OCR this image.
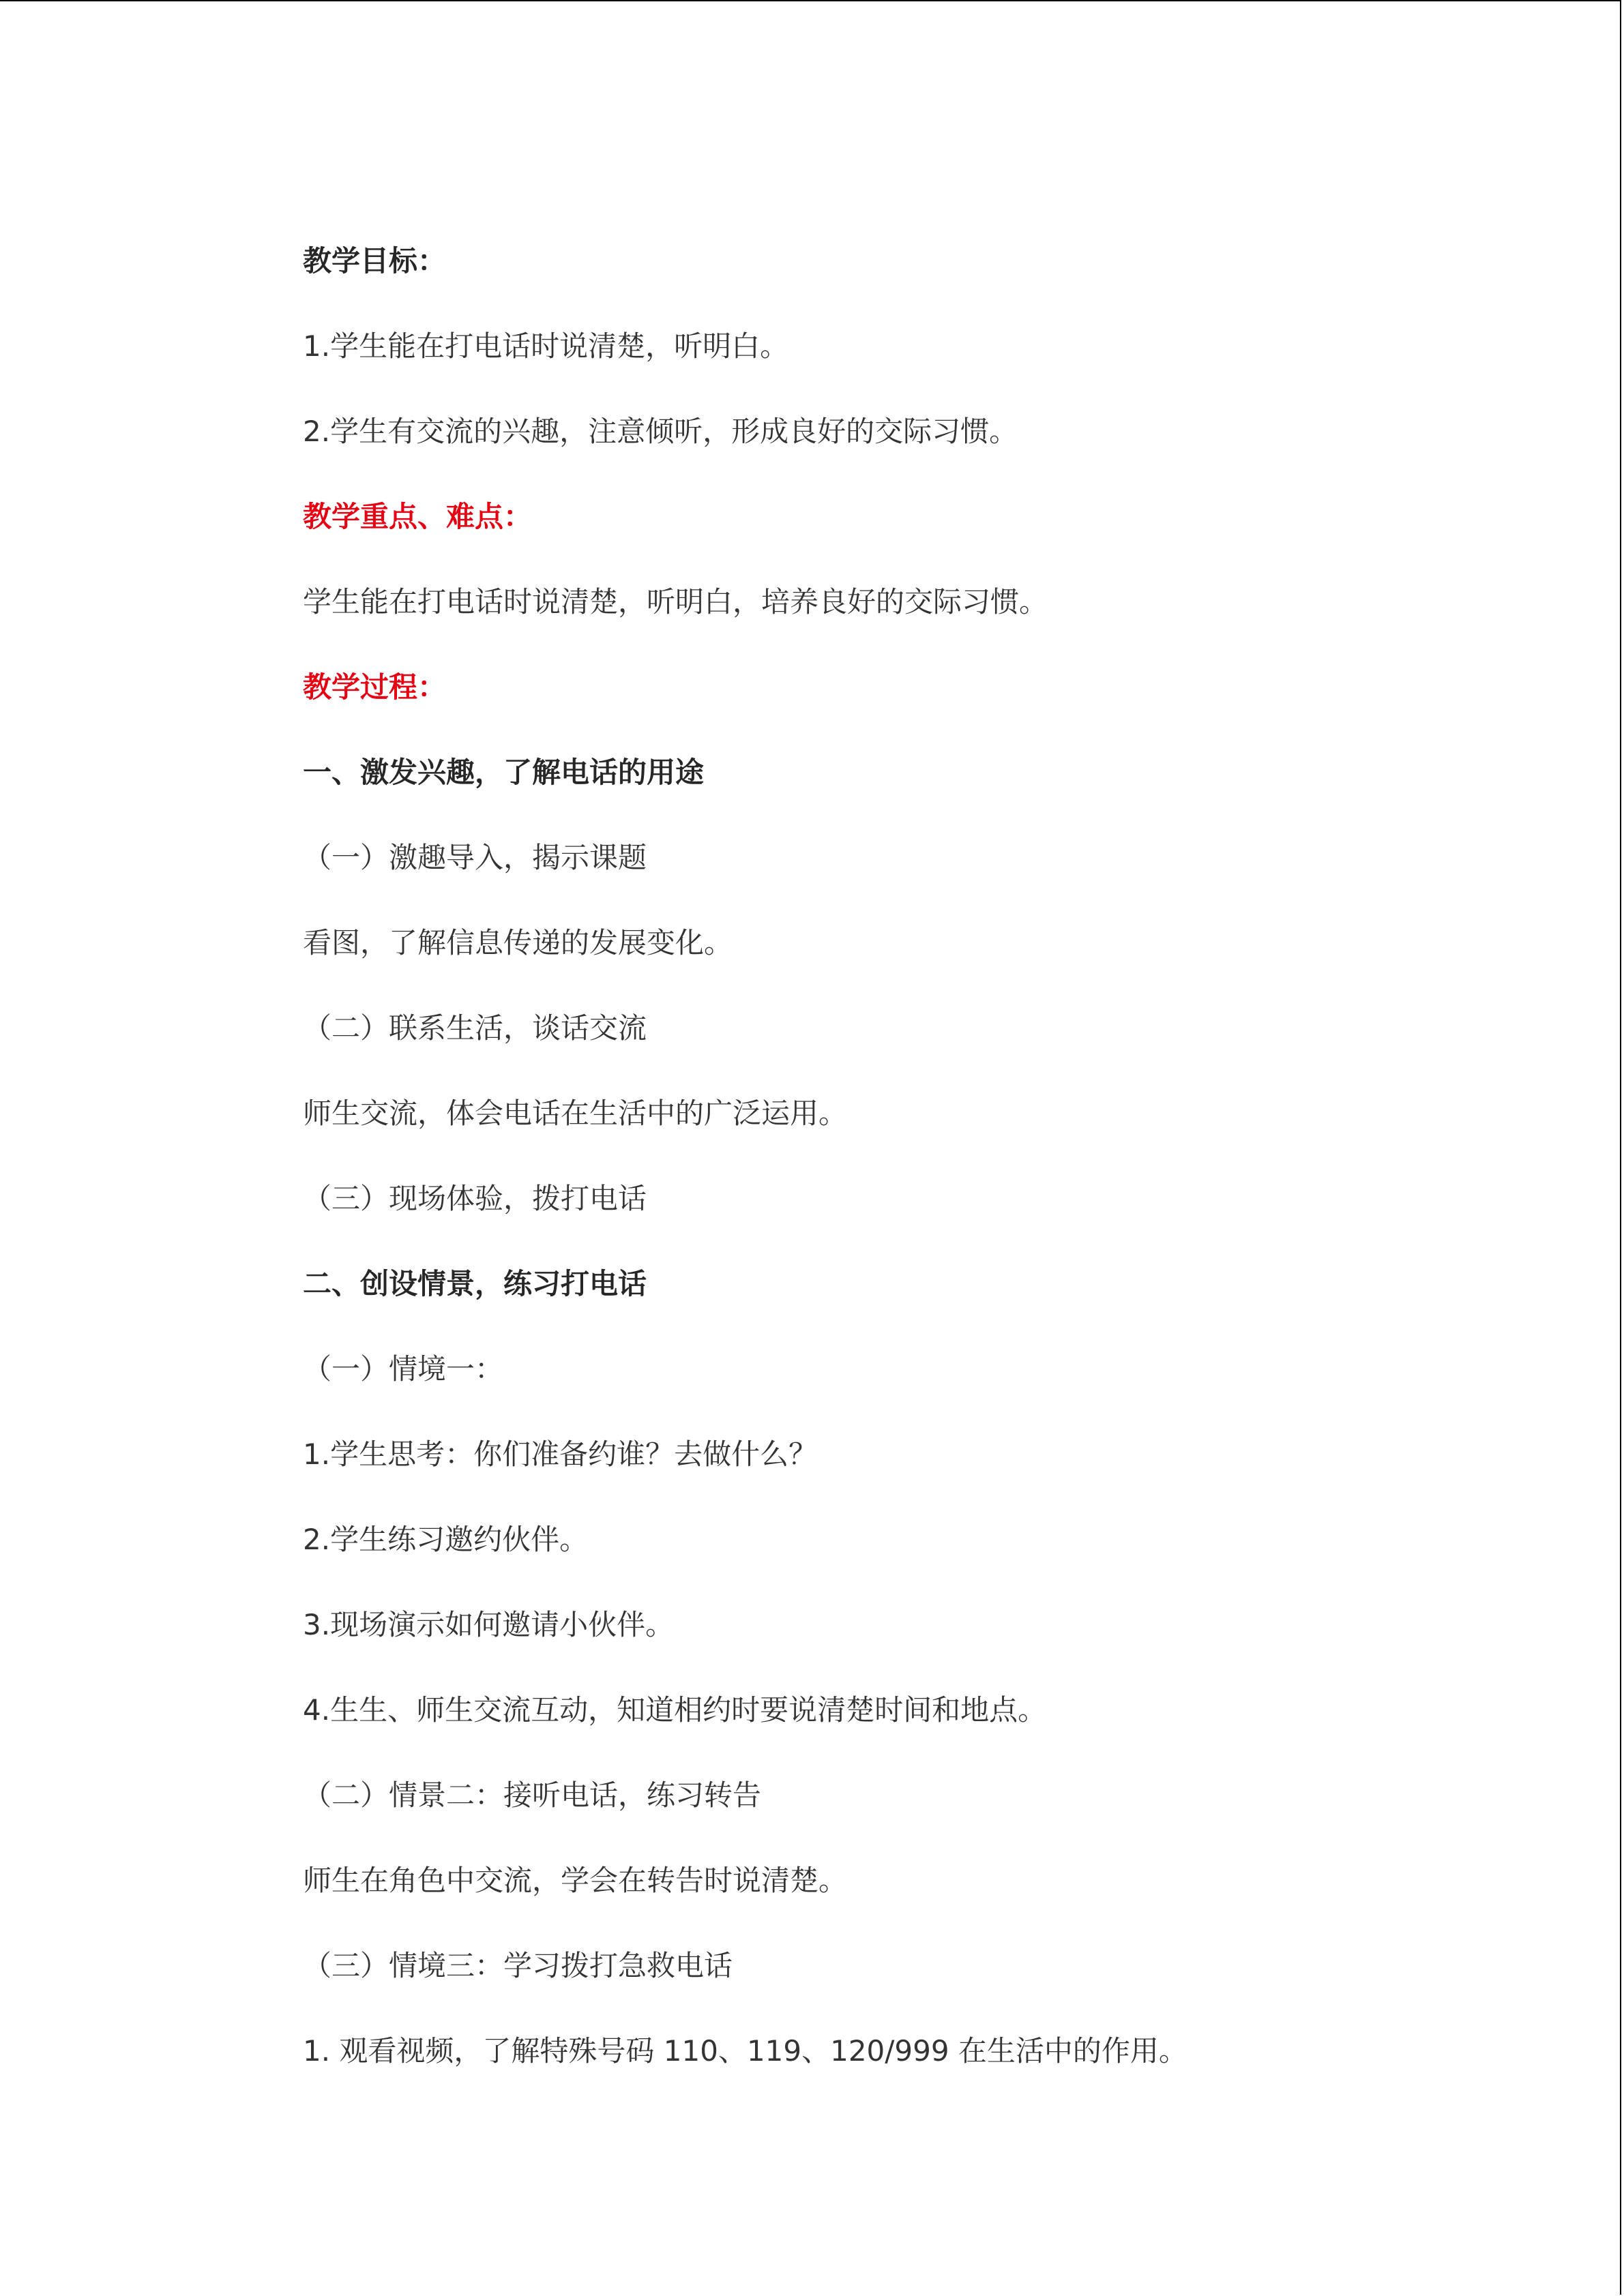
教学目标：
1.学生能在打电话时说清楚，听明白。
2.学生有交流的兴趣，注意倾听，形成良好的交际习惯。
教学重点、难点：
学生能在打电话时说清楚，听明白，培养良好的交际习惯。
教学过程：
一、激发兴趣，了解电话的用途
（一）激趣导入，揭示课题
看图，了解信息传递的发展变化。
（二）联系生活，谈话交流
师生交流，体会电话在生活中的广泛运用。
（三）现场体验，拨打电话
二、创设情景，练习打电话
（一）情境一：
1.学生思考：你们准备约谁？去做什么？
2.学生练习邀约伙伴。
3.现场演示如何邀请小伙伴。
4.生生、师生交流互动，知道相约时要说清楚时间和地点。
（二）情景二：接听电话，练习转告
师生在角色中交流，学会在转告时说清楚。
（三）情境三：学习拨打急救电话
1. 观看视频，了解特殊号码 110、119、120/999 在生活中的作用。
